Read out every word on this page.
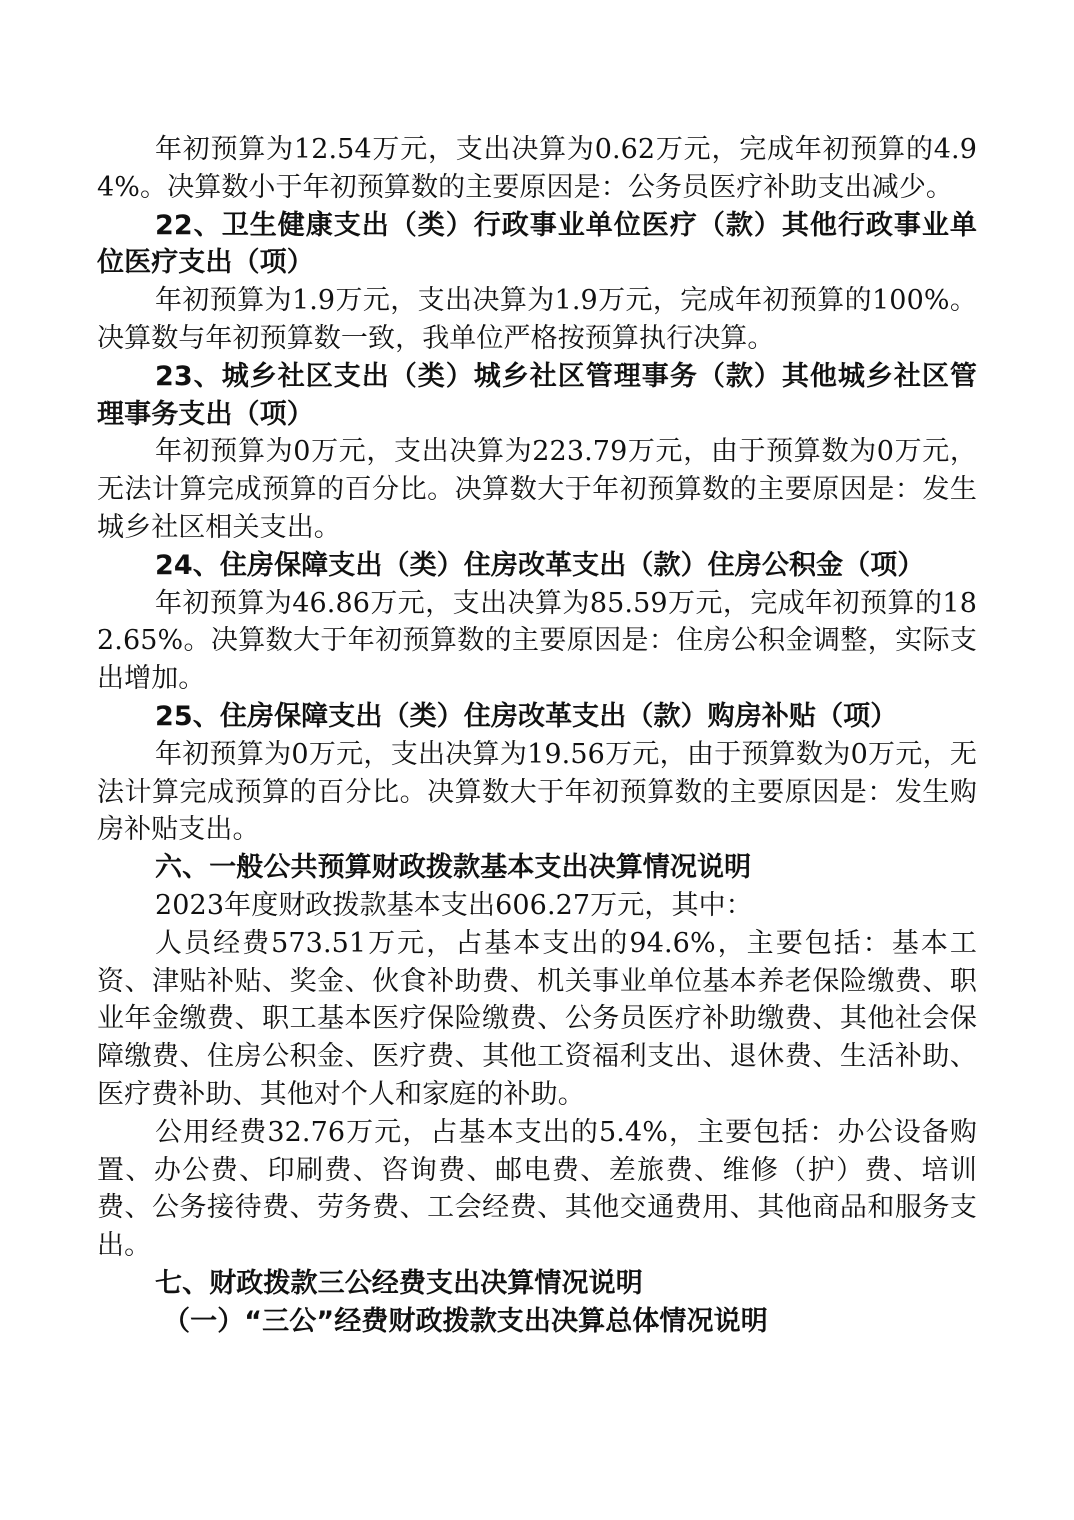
年初预算为12.54万元，支出决算为0.62万元，完成年初预算的4.94%。决算数小于年初预算数的主要原因是：公务员医疗补助支出减少。

22、卫生健康支出（类）行政事业单位医疗（款）其他行政事业单位医疗支出（项）

年初预算为1.9万元，支出决算为1.9万元，完成年初预算的100%。决算数与年初预算数一致，我单位严格按预算执行决算。

23、城乡社区支出（类）城乡社区管理事务（款）其他城乡社区管理事务支出（项）

年初预算为0万元，支出决算为223.79万元，由于预算数为0万元，无法计算完成预算的百分比。决算数大于年初预算数的主要原因是：发生城乡社区相关支出。

24、住房保障支出（类）住房改革支出（款）住房公积金（项）

年初预算为46.86万元，支出决算为85.59万元，完成年初预算的182.65%。决算数大于年初预算数的主要原因是：住房公积金调整，实际支出增加。

25、住房保障支出（类）住房改革支出（款）购房补贴（项）

年初预算为0万元，支出决算为19.56万元，由于预算数为0万元，无法计算完成预算的百分比。决算数大于年初预算数的主要原因是：发生购房补贴支出。

六、一般公共预算财政拨款基本支出决算情况说明

2023年度财政拨款基本支出606.27万元，其中：

人员经费573.51万元，占基本支出的94.6%，主要包括：基本工资、津贴补贴、奖金、伙食补助费、机关事业单位基本养老保险缴费、职业年金缴费、职工基本医疗保险缴费、公务员医疗补助缴费、其他社会保障缴费、住房公积金、医疗费、其他工资福利支出、退休费、生活补助、医疗费补助、其他对个人和家庭的补助。

公用经费32.76万元，占基本支出的5.4%，主要包括：办公设备购置、办公费、印刷费、咨询费、邮电费、差旅费、维修（护）费、培训费、公务接待费、劳务费、工会经费、其他交通费用、其他商品和服务支出。

七、财政拨款三公经费支出决算情况说明

（一）“三公”经费财政拨款支出决算总体情况说明
